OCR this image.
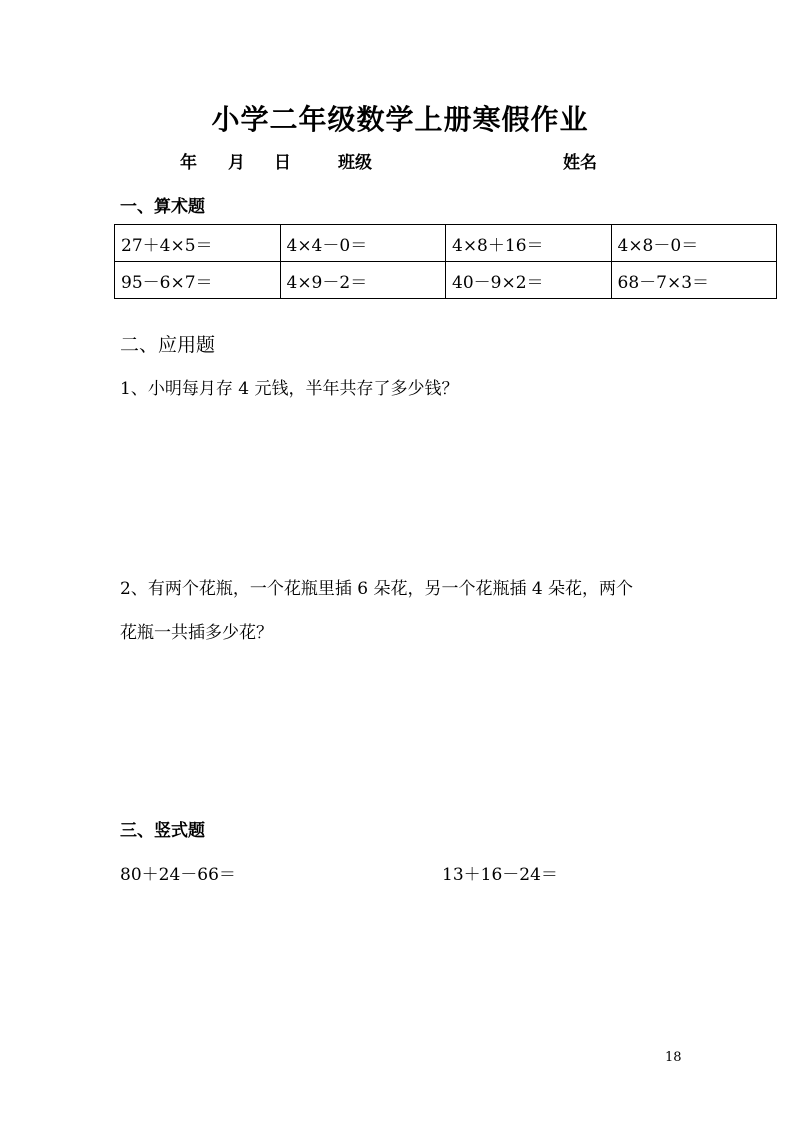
小学二年级数学上册寒假作业
年 月 日	班级	姓名
一、算术题
27＋4×5＝	4×4－0＝	4×8＋16＝	4×8－0＝
95－6×7＝	4×9－2＝	40－9×2＝	68－7×3＝
二、应用题
1、小明每月存 4 元钱，半年共存了多少钱？
2、有两个花瓶，一个花瓶里插 6 朵花，另一个花瓶插 4 朵花，两个
花瓶一共插多少花？
三、竖式题
80＋24－66＝	13＋16－24＝
18
